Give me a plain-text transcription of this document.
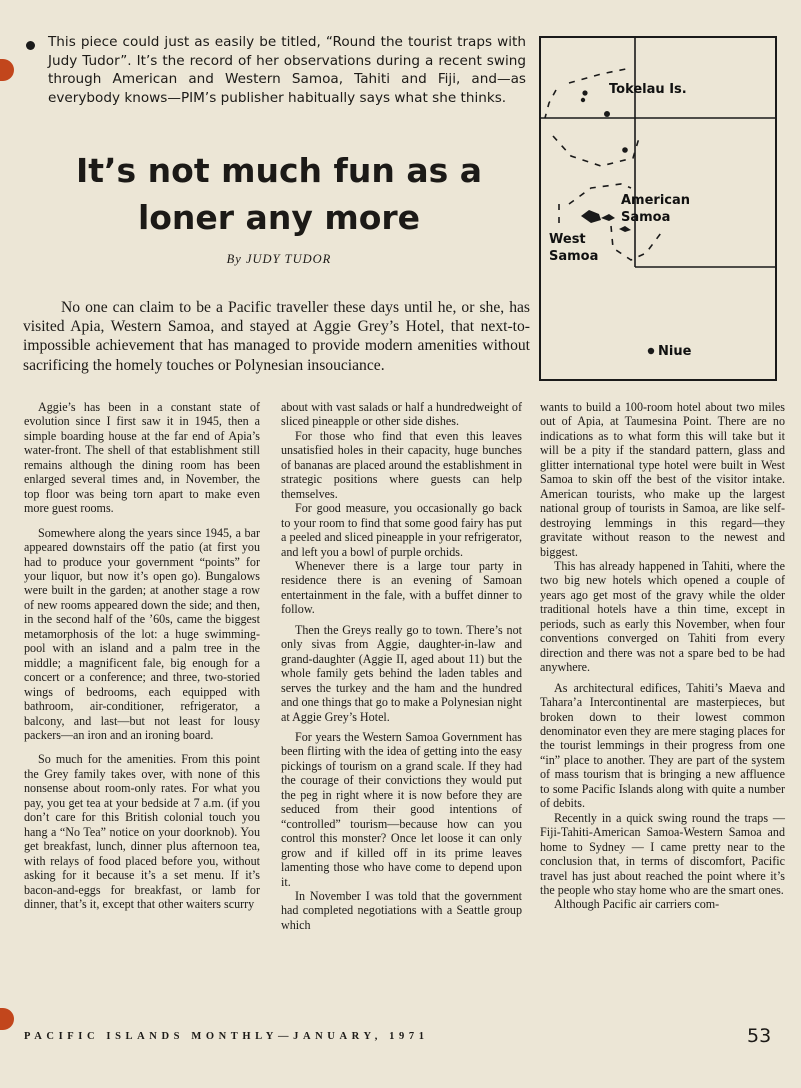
This piece could just as easily be titled, “Round the tourist traps with Judy Tudor”. It’s the record of her observations during a recent swing through American and Western Samoa, Tahiti and Fiji, and—as everybody knows—PIM’s publisher habitually says what she thinks.

It’s not much fun as a
loner any more

By JUDY TUDOR

No one can claim to be a Pacific traveller these days until he, or she, has visited Apia, Western Samoa, and stayed at Aggie Grey’s Hotel, that next-to-impossible achievement that has managed to provide modern amenities without sacrificing the homely touches or Polynesian insouciance.

Tokelau Is.
American
Samoa
West
Samoa
Niue

Aggie’s has been in a constant state of evolution since I first saw it in 1945, then a simple boarding house at the far end of Apia’s water-front. The shell of that establishment still remains although the dining room has been enlarged several times and, in November, the top floor was being torn apart to make even more guest rooms.

Somewhere along the years since 1945, a bar appeared downstairs off the patio (at first you had to produce your government “points” for your liquor, but now it’s open go). Bungalows were built in the garden; at another stage a row of new rooms appeared down the side; and then, in the second half of the ’60s, came the biggest metamorphosis of the lot: a huge swimming-pool with an island and a palm tree in the middle; a magnificent fale, big enough for a concert or a conference; and three, two-storied wings of bedrooms, each equipped with bathroom, air-conditioner, refrigerator, a balcony, and last—but not least for lousy packers—an iron and an ironing board.

So much for the amenities. From this point the Grey family takes over, with none of this nonsense about room-only rates. For what you pay, you get tea at your bedside at 7 a.m. (if you don’t care for this British colonial touch you hang a “No Tea” notice on your doorknob). You get breakfast, lunch, dinner plus afternoon tea, with relays of food placed before you, without asking for it because it’s a set menu. If it’s bacon-and-eggs for breakfast, or lamb for dinner, that’s it, except that other waiters scurry

about with vast salads or half a hundredweight of sliced pineapple or other side dishes.

For those who find that even this leaves unsatisfied holes in their capacity, huge bunches of bananas are placed around the establishment in strategic positions where guests can help themselves.

For good measure, you occasionally go back to your room to find that some good fairy has put a peeled and sliced pineapple in your refrigerator, and left you a bowl of purple orchids.

Whenever there is a large tour party in residence there is an evening of Samoan entertainment in the fale, with a buffet dinner to follow.

Then the Greys really go to town. There’s not only sivas from Aggie, daughter-in-law and grand-daughter (Aggie II, aged about 11) but the whole family gets behind the laden tables and serves the turkey and the ham and the hundred and one things that go to make a Polynesian night at Aggie Grey’s Hotel.

For years the Western Samoa Government has been flirting with the idea of getting into the easy pickings of tourism on a grand scale. If they had the courage of their convictions they would put the peg in right where it is now before they are seduced from their good intentions of “controlled” tourism—because how can you control this monster? Once let loose it can only grow and if killed off in its prime leaves lamenting those who have come to depend upon it.

In November I was told that the government had completed negotiations with a Seattle group which

wants to build a 100-room hotel about two miles out of Apia, at Taumesina Point. There are no indications as to what form this will take but it will be a pity if the standard pattern, glass and glitter international type hotel were built in West Samoa to skin off the best of the visitor intake. American tourists, who make up the largest national group of tourists in Samoa, are like self-destroying lemmings in this regard—they gravitate without reason to the newest and biggest.

This has already happened in Tahiti, where the two big new hotels which opened a couple of years ago get most of the gravy while the older traditional hotels have a thin time, except in periods, such as early this November, when four conventions converged on Tahiti from every direction and there was not a spare bed to be had anywhere.

As architectural edifices, Tahiti’s Maeva and Tahara’a Intercontinental are masterpieces, but broken down to their lowest common denominator even they are mere staging places for the tourist lemmings in their progress from one “in” place to another. They are part of the system of mass tourism that is bringing a new affluence to some Pacific Islands along with quite a number of debits.

Recently in a quick swing round the traps — Fiji-Tahiti-American Samoa-Western Samoa and home to Sydney — I came pretty near to the conclusion that, in terms of discomfort, Pacific travel has just about reached the point where it’s the people who stay home who are the smart ones.

Although Pacific air carriers com-

PACIFIC ISLANDS MONTHLY—JANUARY, 1971	53
